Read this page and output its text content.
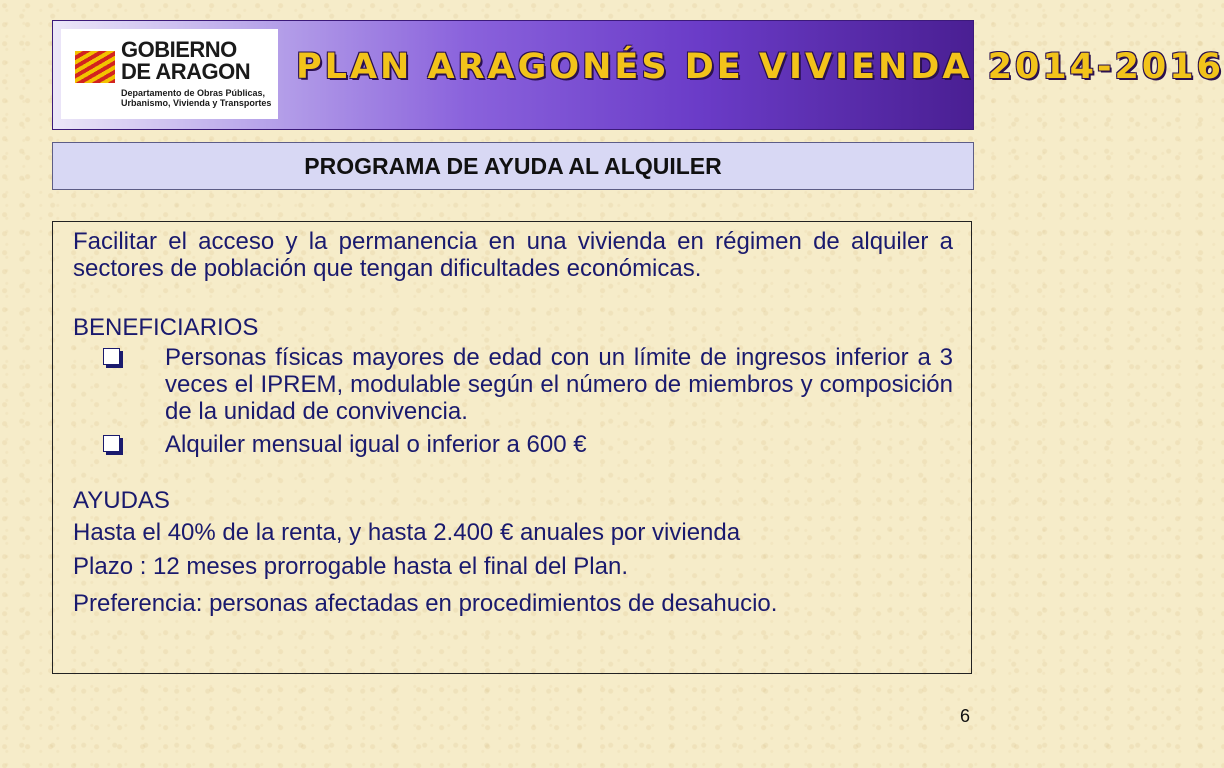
GOBIERNO
DE ARAGON
Departamento de Obras Públicas,
Urbanismo, Vivienda y Transportes
PLAN ARAGONÉS DE VIVIENDA 2014-2016
PROGRAMA DE AYUDA AL ALQUILER

Facilitar el acceso y la permanencia en una vivienda en régimen de alquiler a sectores de población que tengan dificultades económicas.

BENEFICIARIOS
Personas físicas mayores de edad con un límite de ingresos inferior a 3 veces el IPREM, modulable según el número de miembros y composición de la unidad de convivencia.
Alquiler mensual igual o inferior a 600 €
AYUDAS
Hasta el 40% de la renta, y hasta 2.400 € anuales por vivienda
Plazo : 12 meses prorrogable hasta el final del Plan.
Preferencia: personas afectadas en procedimientos de desahucio.
6
